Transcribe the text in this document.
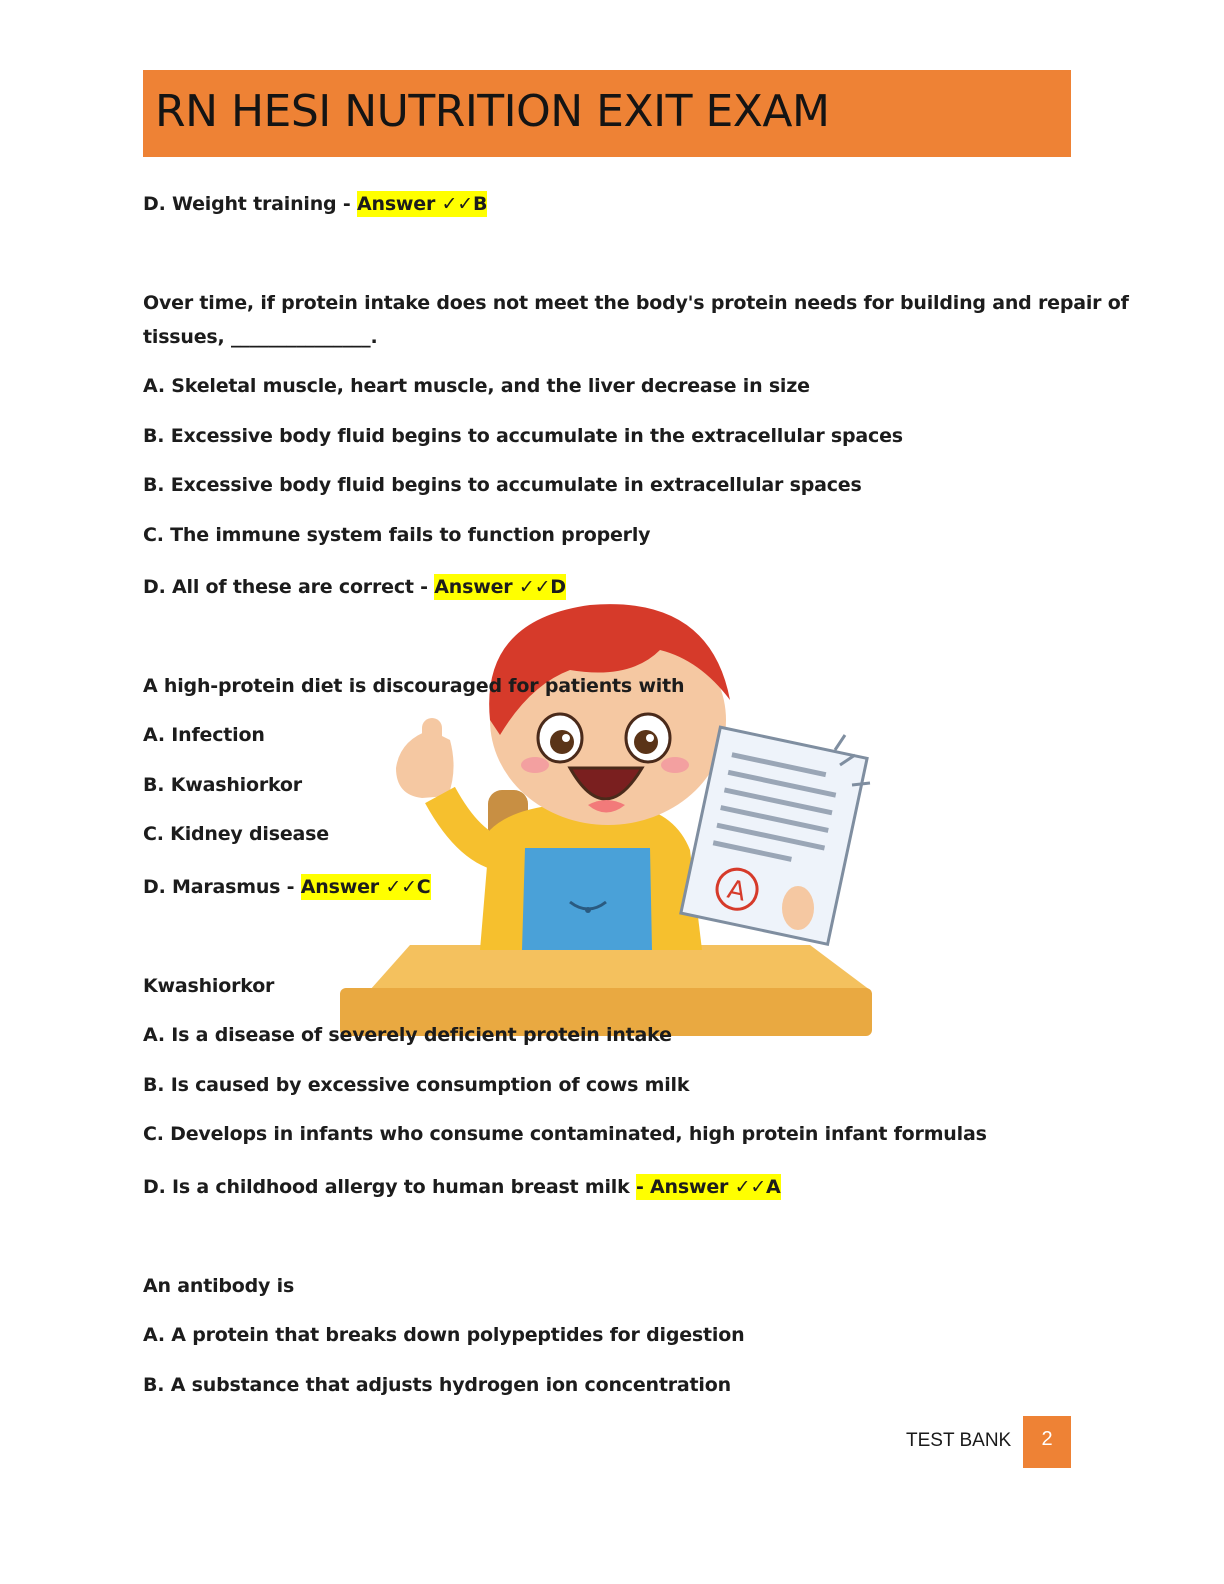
RN HESI NUTRITION EXIT EXAM
A
D. Weight training - Answer ✓✓B
Over time, if protein intake does not meet the body's protein needs for building and repair of
tissues, _______________.
A. Skeletal muscle, heart muscle, and the liver decrease in size
B. Excessive body fluid begins to accumulate in the extracellular spaces
B. Excessive body fluid begins to accumulate in extracellular spaces
C. The immune system fails to function properly
D. All of these are correct - Answer ✓✓D
A high-protein diet is discouraged for patients with
A. Infection
B. Kwashiorkor
C. Kidney disease
D. Marasmus - Answer ✓✓C
Kwashiorkor
A. Is a disease of severely deficient protein intake
B. Is caused by excessive consumption of cows milk
C. Develops in infants who consume contaminated, high protein infant formulas
D. Is a childhood allergy to human breast milk - Answer ✓✓A
An antibody is
A. A protein that breaks down polypeptides for digestion
B. A substance that adjusts hydrogen ion concentration
TEST BANK	2
